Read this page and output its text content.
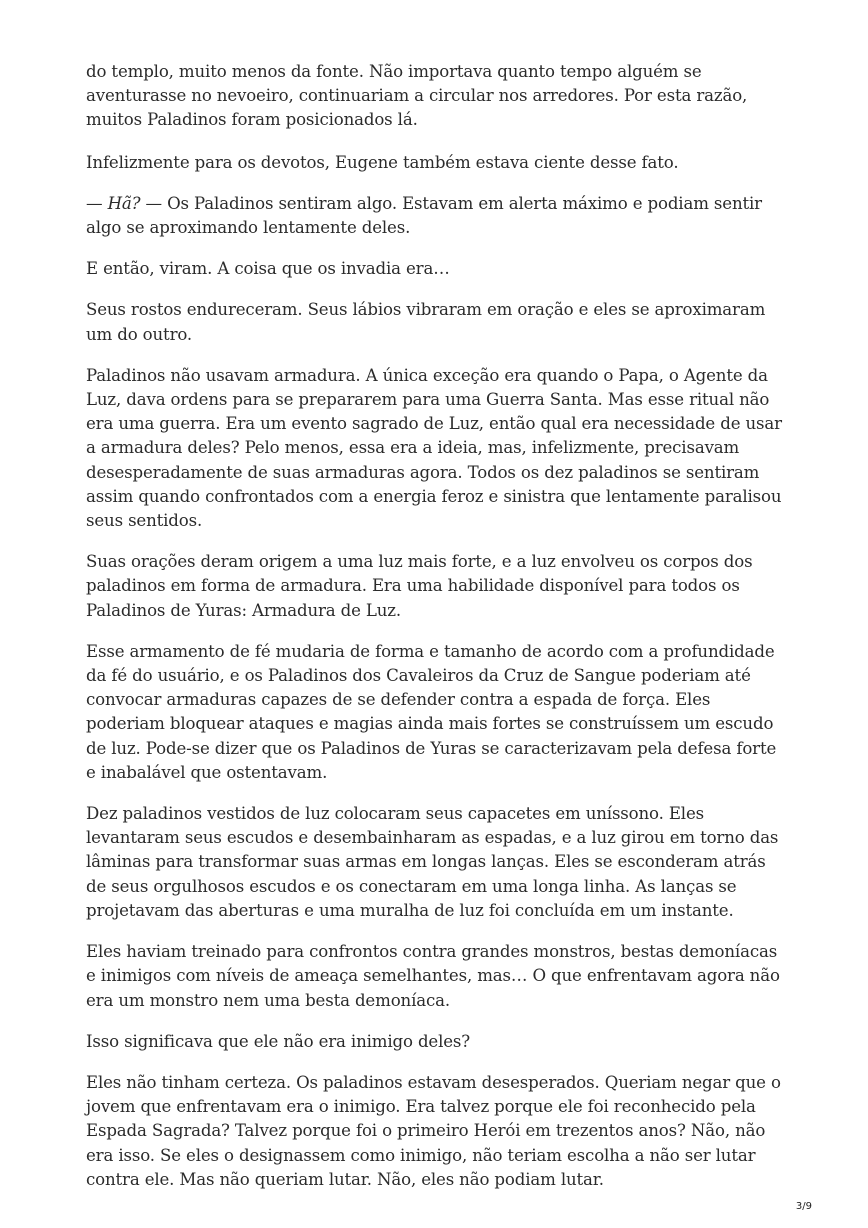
do templo, muito menos da fonte. Não importava quanto tempo alguém se aventurasse no nevoeiro, continuariam a circular nos arredores. Por esta razão, muitos Paladinos foram posicionados lá.

Infelizmente para os devotos, Eugene também estava ciente desse fato.

— Hã? — Os Paladinos sentiram algo. Estavam em alerta máximo e podiam sentir algo se aproximando lentamente deles.

E então, viram. A coisa que os invadia era…

Seus rostos endureceram. Seus lábios vibraram em oração e eles se aproximaram um do outro.

Paladinos não usavam armadura. A única exceção era quando o Papa, o Agente da Luz, dava ordens para se prepararem para uma Guerra Santa. Mas esse ritual não era uma guerra. Era um evento sagrado de Luz, então qual era necessidade de usar a armadura deles? Pelo menos, essa era a ideia, mas, infelizmente, precisavam desesperadamente de suas armaduras agora. Todos os dez paladinos se sentiram assim quando confrontados com a energia feroz e sinistra que lentamente paralisou seus sentidos.

Suas orações deram origem a uma luz mais forte, e a luz envolveu os corpos dos paladinos em forma de armadura. Era uma habilidade disponível para todos os Paladinos de Yuras: Armadura de Luz.

Esse armamento de fé mudaria de forma e tamanho de acordo com a profundidade da fé do usuário, e os Paladinos dos Cavaleiros da Cruz de Sangue poderiam até convocar armaduras capazes de se defender contra a espada de força. Eles poderiam bloquear ataques e magias ainda mais fortes se construíssem um escudo de luz. Pode-se dizer que os Paladinos de Yuras se caracterizavam pela defesa forte e inabalável que ostentavam.

Dez paladinos vestidos de luz colocaram seus capacetes em uníssono. Eles levantaram seus escudos e desembainharam as espadas, e a luz girou em torno das lâminas para transformar suas armas em longas lanças. Eles se esconderam atrás de seus orgulhosos escudos e os conectaram em uma longa linha. As lanças se projetavam das aberturas e uma muralha de luz foi concluída em um instante.

Eles haviam treinado para confrontos contra grandes monstros, bestas demoníacas e inimigos com níveis de ameaça semelhantes, mas… O que enfrentavam agora não era um monstro nem uma besta demoníaca.

Isso significava que ele não era inimigo deles?

Eles não tinham certeza. Os paladinos estavam desesperados. Queriam negar que o jovem que enfrentavam era o inimigo. Era talvez porque ele foi reconhecido pela Espada Sagrada? Talvez porque foi o primeiro Herói em trezentos anos? Não, não era isso. Se eles o designassem como inimigo, não teriam escolha a não ser lutar contra ele. Mas não queriam lutar. Não, eles não podiam lutar.

3/9
